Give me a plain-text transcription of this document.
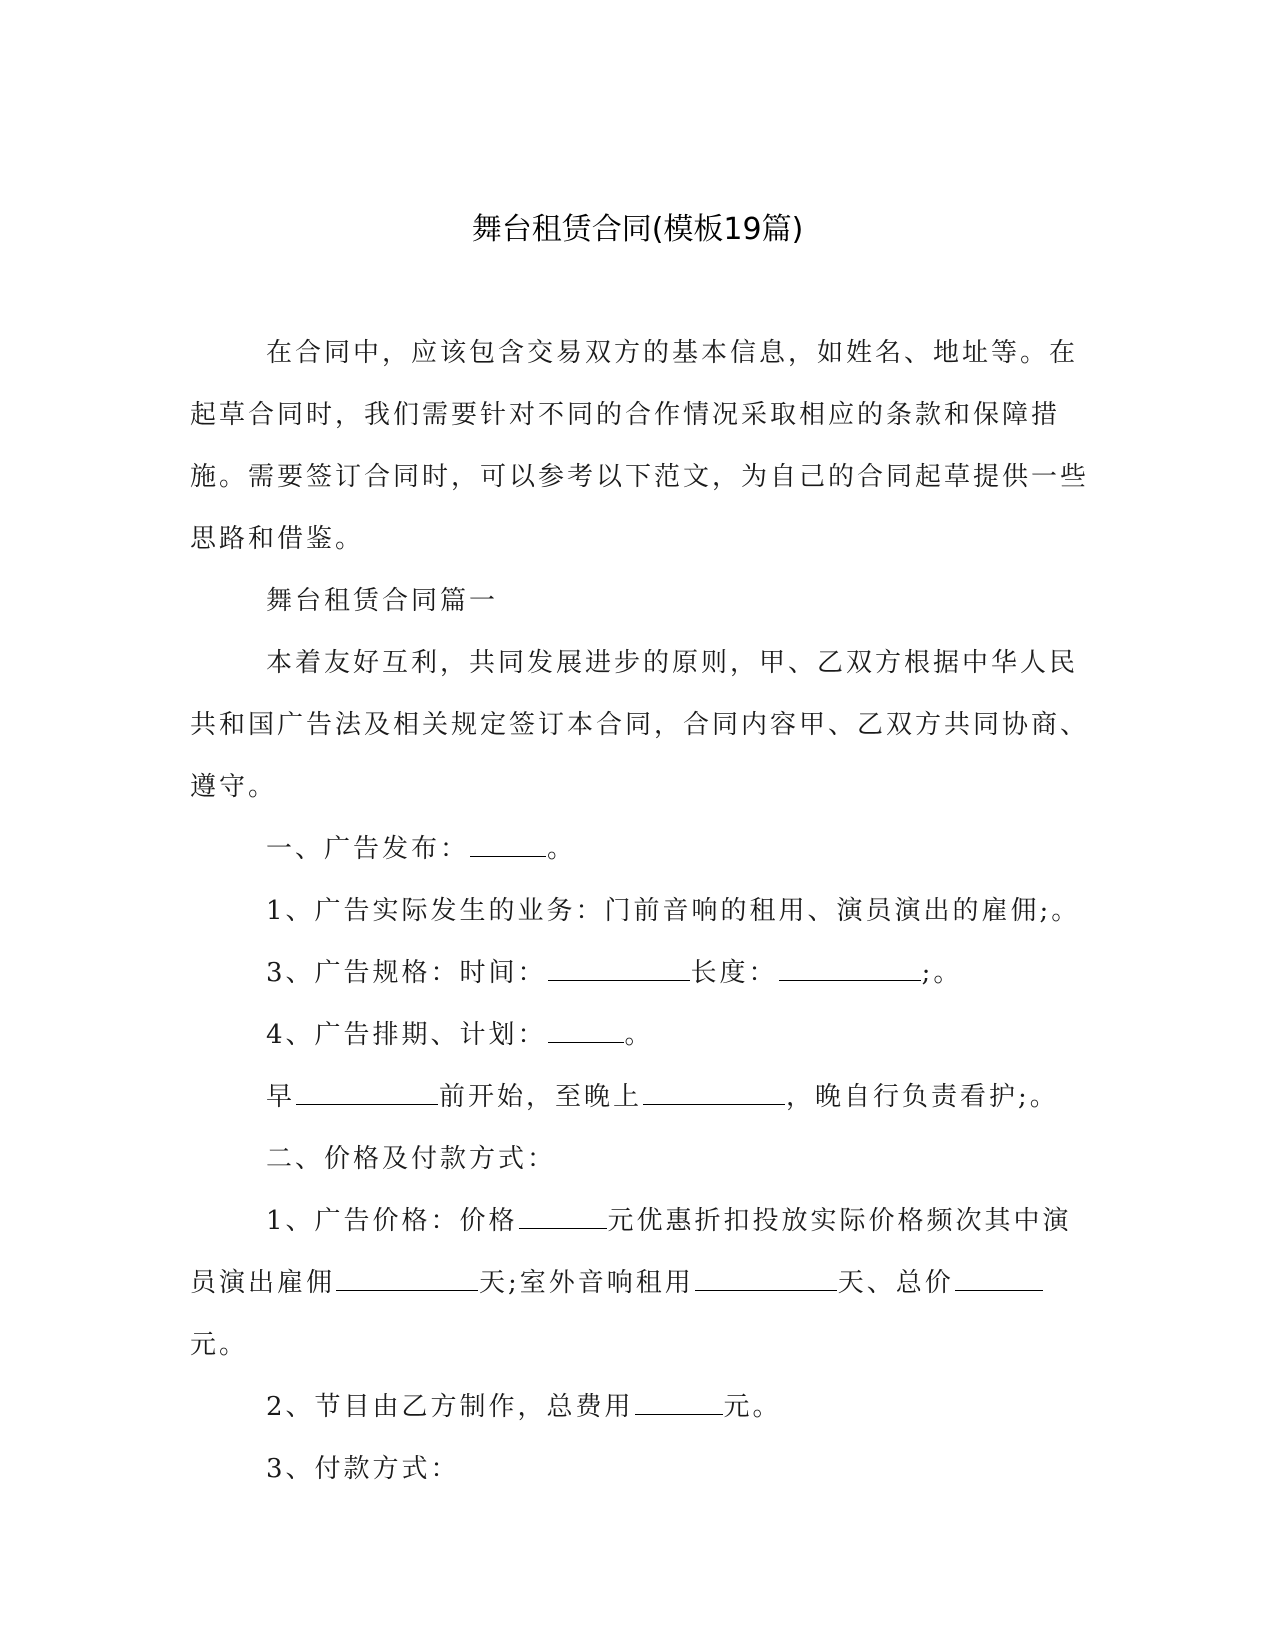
舞台租赁合同(模板19篇)

在合同中，应该包含交易双方的基本信息，如姓名、地址等。在起草合同时，我们需要针对不同的合作情况采取相应的条款和保障措施。需要签订合同时，可以参考以下范文，为自己的合同起草提供一些思路和借鉴。

舞台租赁合同篇一

本着友好互利，共同发展进步的原则，甲、乙双方根据中华人民共和国广告法及相关规定签订本合同，合同内容甲、乙双方共同协商、遵守。

一、广告发布：	。

1、广告实际发生的业务：门前音响的租用、演员演出的雇佣;。

3、广告规格：时间：	长度：	;。

4、广告排期、计划：	。

早	前开始，至晚上	，晚自行负责看护;。

二、价格及付款方式：

1、广告价格：价格	元优惠折扣投放实际价格频次其中演员演出雇佣	天;室外音响租用	天、总价元。

2、节目由乙方制作，总费用	元。

3、付款方式：
